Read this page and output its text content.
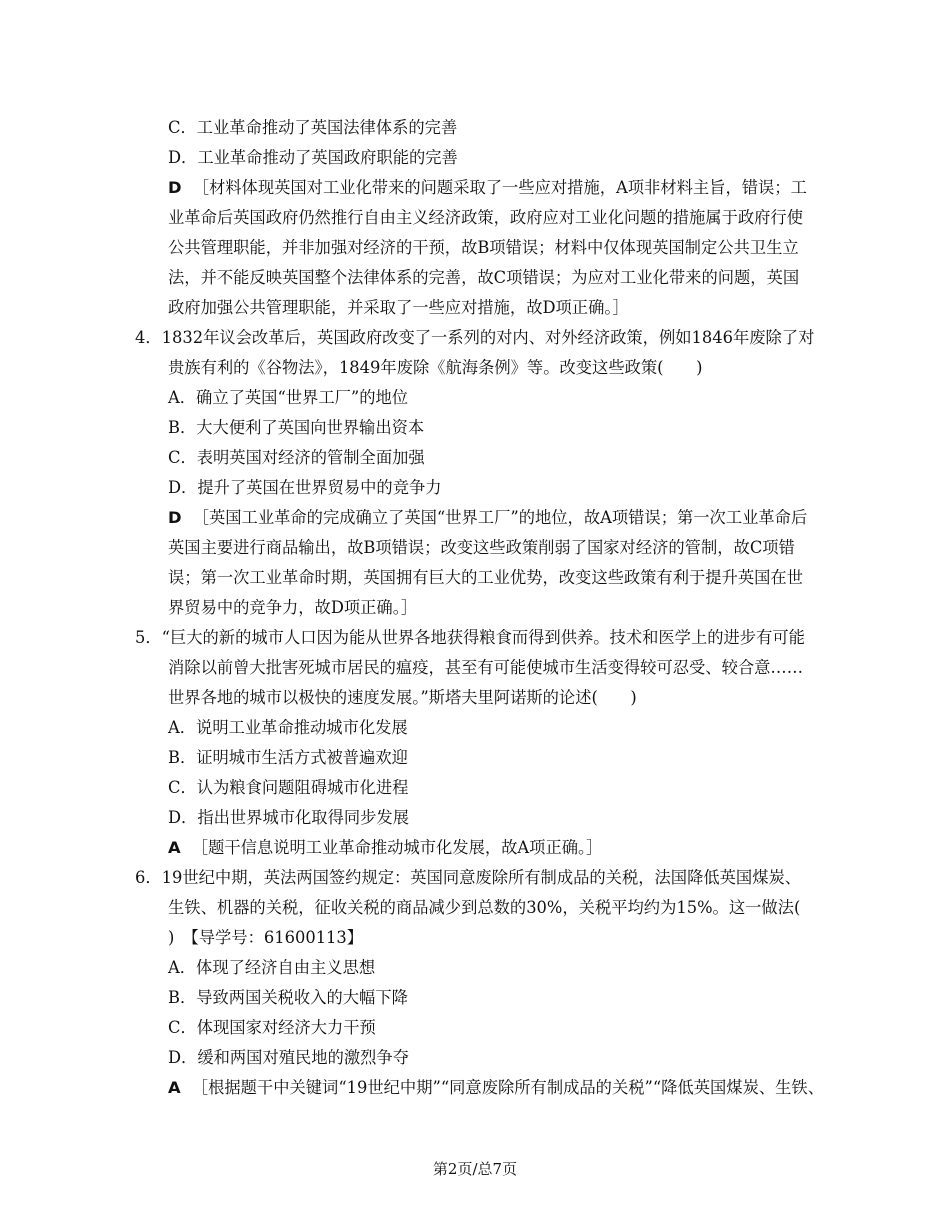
C．工业革命推动了英国法律体系的完善
D．工业革命推动了英国政府职能的完善
D ［材料体现英国对工业化带来的问题采取了一些应对措施，A项非材料主旨，错误；工
业革命后英国政府仍然推行自由主义经济政策，政府应对工业化问题的措施属于政府行使
公共管理职能，并非加强对经济的干预，故B项错误；材料中仅体现英国制定公共卫生立
法，并不能反映英国整个法律体系的完善，故C项错误；为应对工业化带来的问题，英国
政府加强公共管理职能，并采取了一些应对措施，故D项正确。］
4．1832年议会改革后，英国政府改变了一系列的对内、对外经济政策，例如1846年废除了对
贵族有利的《谷物法》，1849年废除《航海条例》等。改变这些政策(　　)
A．确立了英国“世界工厂”的地位
B．大大便利了英国向世界输出资本
C．表明英国对经济的管制全面加强
D．提升了英国在世界贸易中的竞争力
D ［英国工业革命的完成确立了英国“世界工厂”的地位，故A项错误；第一次工业革命后
英国主要进行商品输出，故B项错误；改变这些政策削弱了国家对经济的管制，故C项错
误；第一次工业革命时期，英国拥有巨大的工业优势，改变这些政策有利于提升英国在世
界贸易中的竞争力，故D项正确。］
5．“巨大的新的城市人口因为能从世界各地获得粮食而得到供养。技术和医学上的进步有可能
消除以前曾大批害死城市居民的瘟疫，甚至有可能使城市生活变得较可忍受、较合意……
世界各地的城市以极快的速度发展。”斯塔夫里阿诺斯的论述(　　)
A．说明工业革命推动城市化发展
B．证明城市生活方式被普遍欢迎
C．认为粮食问题阻碍城市化进程
D．指出世界城市化取得同步发展
A ［题干信息说明工业革命推动城市化发展，故A项正确。］
6．19世纪中期，英法两国签约规定：英国同意废除所有制成品的关税，法国降低英国煤炭、
生铁、机器的关税，征收关税的商品减少到总数的30%，关税平均约为15%。这一做法(
)　【导学号：61600113】
A．体现了经济自由主义思想
B．导致两国关税收入的大幅下降
C．体现国家对经济大力干预
D．缓和两国对殖民地的激烈争夺
A ［根据题干中关键词“19世纪中期”“同意废除所有制成品的关税”“降低英国煤炭、生铁、
第2页/总7页
